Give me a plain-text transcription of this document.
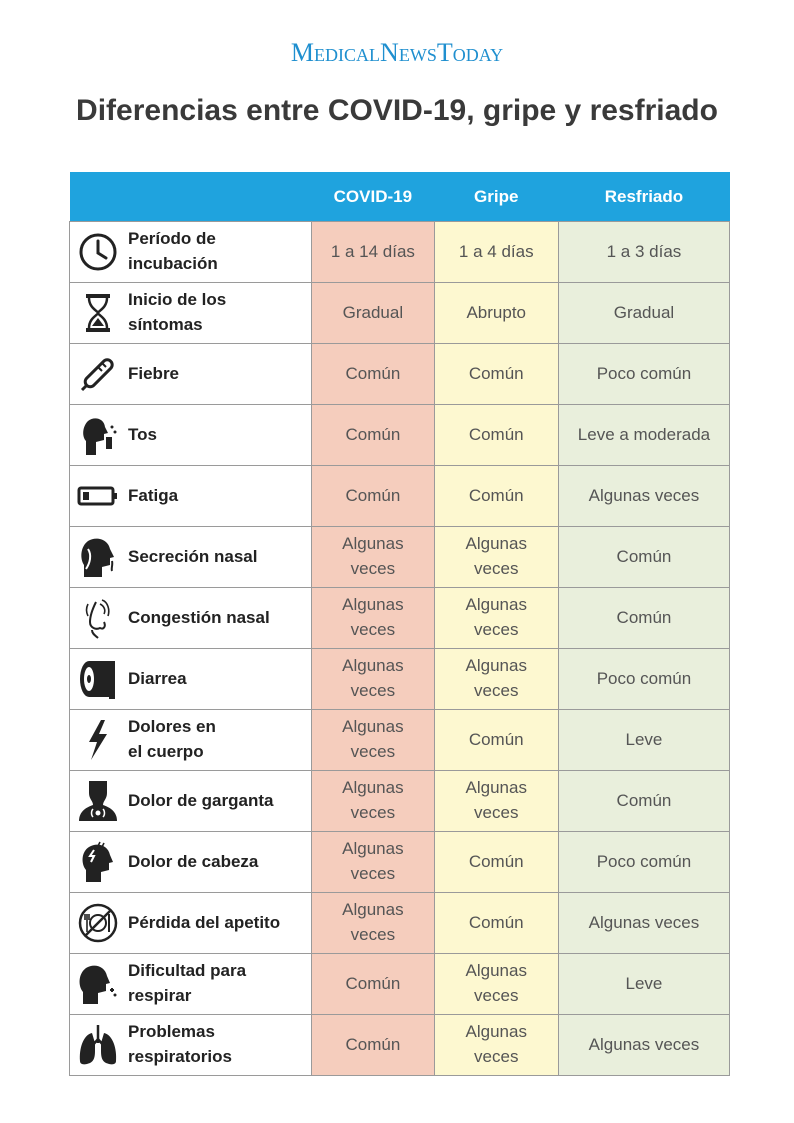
MEDICALNEWSTODAY
Diferencias entre COVID-19, gripe y resfriado
	COVID-19	Gripe	Resfriado

Período de
incubación	1 a 14 días	1 a 4 días	1 a 3 días

Inicio de los
síntomas	Gradual	Abrupto	Gradual

Fiebre	Común	Común	Poco común

Tos	Común	Común	Leve a moderada

Fatiga	Común	Común	Algunas veces

Secreción nasal	Algunas
veces	Algunas
veces	Común

Congestión nasal	Algunas
veces	Algunas
veces	Común

Diarrea	Algunas
veces	Algunas
veces	Poco común

Dolores en
el cuerpo	Algunas
veces	Común	Leve

Dolor de garganta	Algunas
veces	Algunas
veces	Común

Dolor de cabeza	Algunas
veces	Común	Poco común

Pérdida del apetito	Algunas
veces	Común	Algunas veces

Dificultad para
respirar	Común	Algunas
veces	Leve

Problemas
respiratorios	Común	Algunas
veces	Algunas veces
